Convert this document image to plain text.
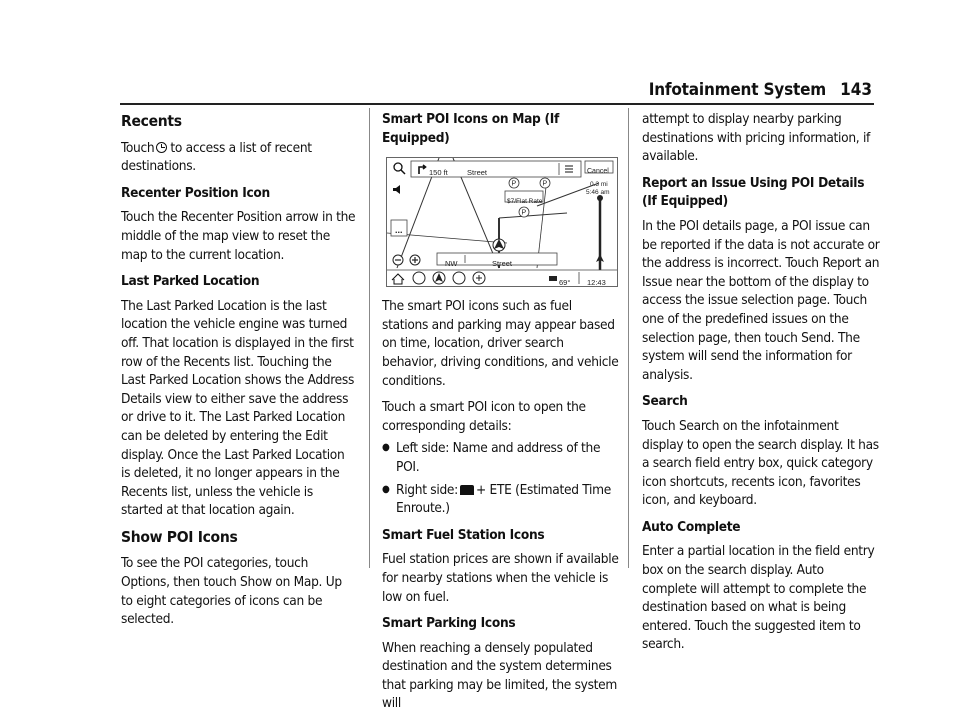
Infotainment System 143
Recents

Touch to access a list of recent destinations.

Recenter Position Icon

Touch the Recenter Position arrow in the middle of the map view to reset the map to the current location.

Last Parked Location

The Last Parked Location is the last location the vehicle engine was turned off. That location is displayed in the first row of the Recents list. Touching the Last Parked Location shows the Address Details view to either save the address or drive to it. The Last Parked Location can be deleted by entering the Edit display. Once the Last Parked Location is deleted, it no longer appears in the Recents list, unless the vehicle is started at that location again.

Show POI Icons

To see the POI categories, touch Options, then touch Show on Map. Up to eight categories of icons can be selected.

Smart POI Icons on Map (If Equipped)
P	P
P
150 ft	Street	Cancel
0.3 mi
5:46 am
$7/Flat Rate
...
NW	Street
69° 12:43

The smart POI icons such as fuel stations and parking may appear based on time, location, driver search behavior, driving conditions, and vehicle conditions.

Touch a smart POI icon to open the corresponding details:

● Left side: Name and address of the POI.
● Right side: + ETE (Estimated Time Enroute.)
Smart Fuel Station Icons

Fuel station prices are shown if available for nearby stations when the vehicle is low on fuel.

Smart Parking Icons

When reaching a densely populated destination and the system determines that parking may be limited, the system will

attempt to display nearby parking destinations with pricing information, if available.

Report an Issue Using POI Details (If Equipped)

In the POI details page, a POI issue can be reported if the data is not accurate or the address is incorrect. Touch Report an Issue near the bottom of the display to access the issue selection page. Touch one of the predefined issues on the selection page, then touch Send. The system will send the information for analysis.

Search

Touch Search on the infotainment display to open the search display. It has a search field entry box, quick category icon shortcuts, recents icon, favorites icon, and keyboard.

Auto Complete

Enter a partial location in the field entry box on the search display. Auto complete will attempt to complete the destination based on what is being entered. Touch the suggested item to search.
